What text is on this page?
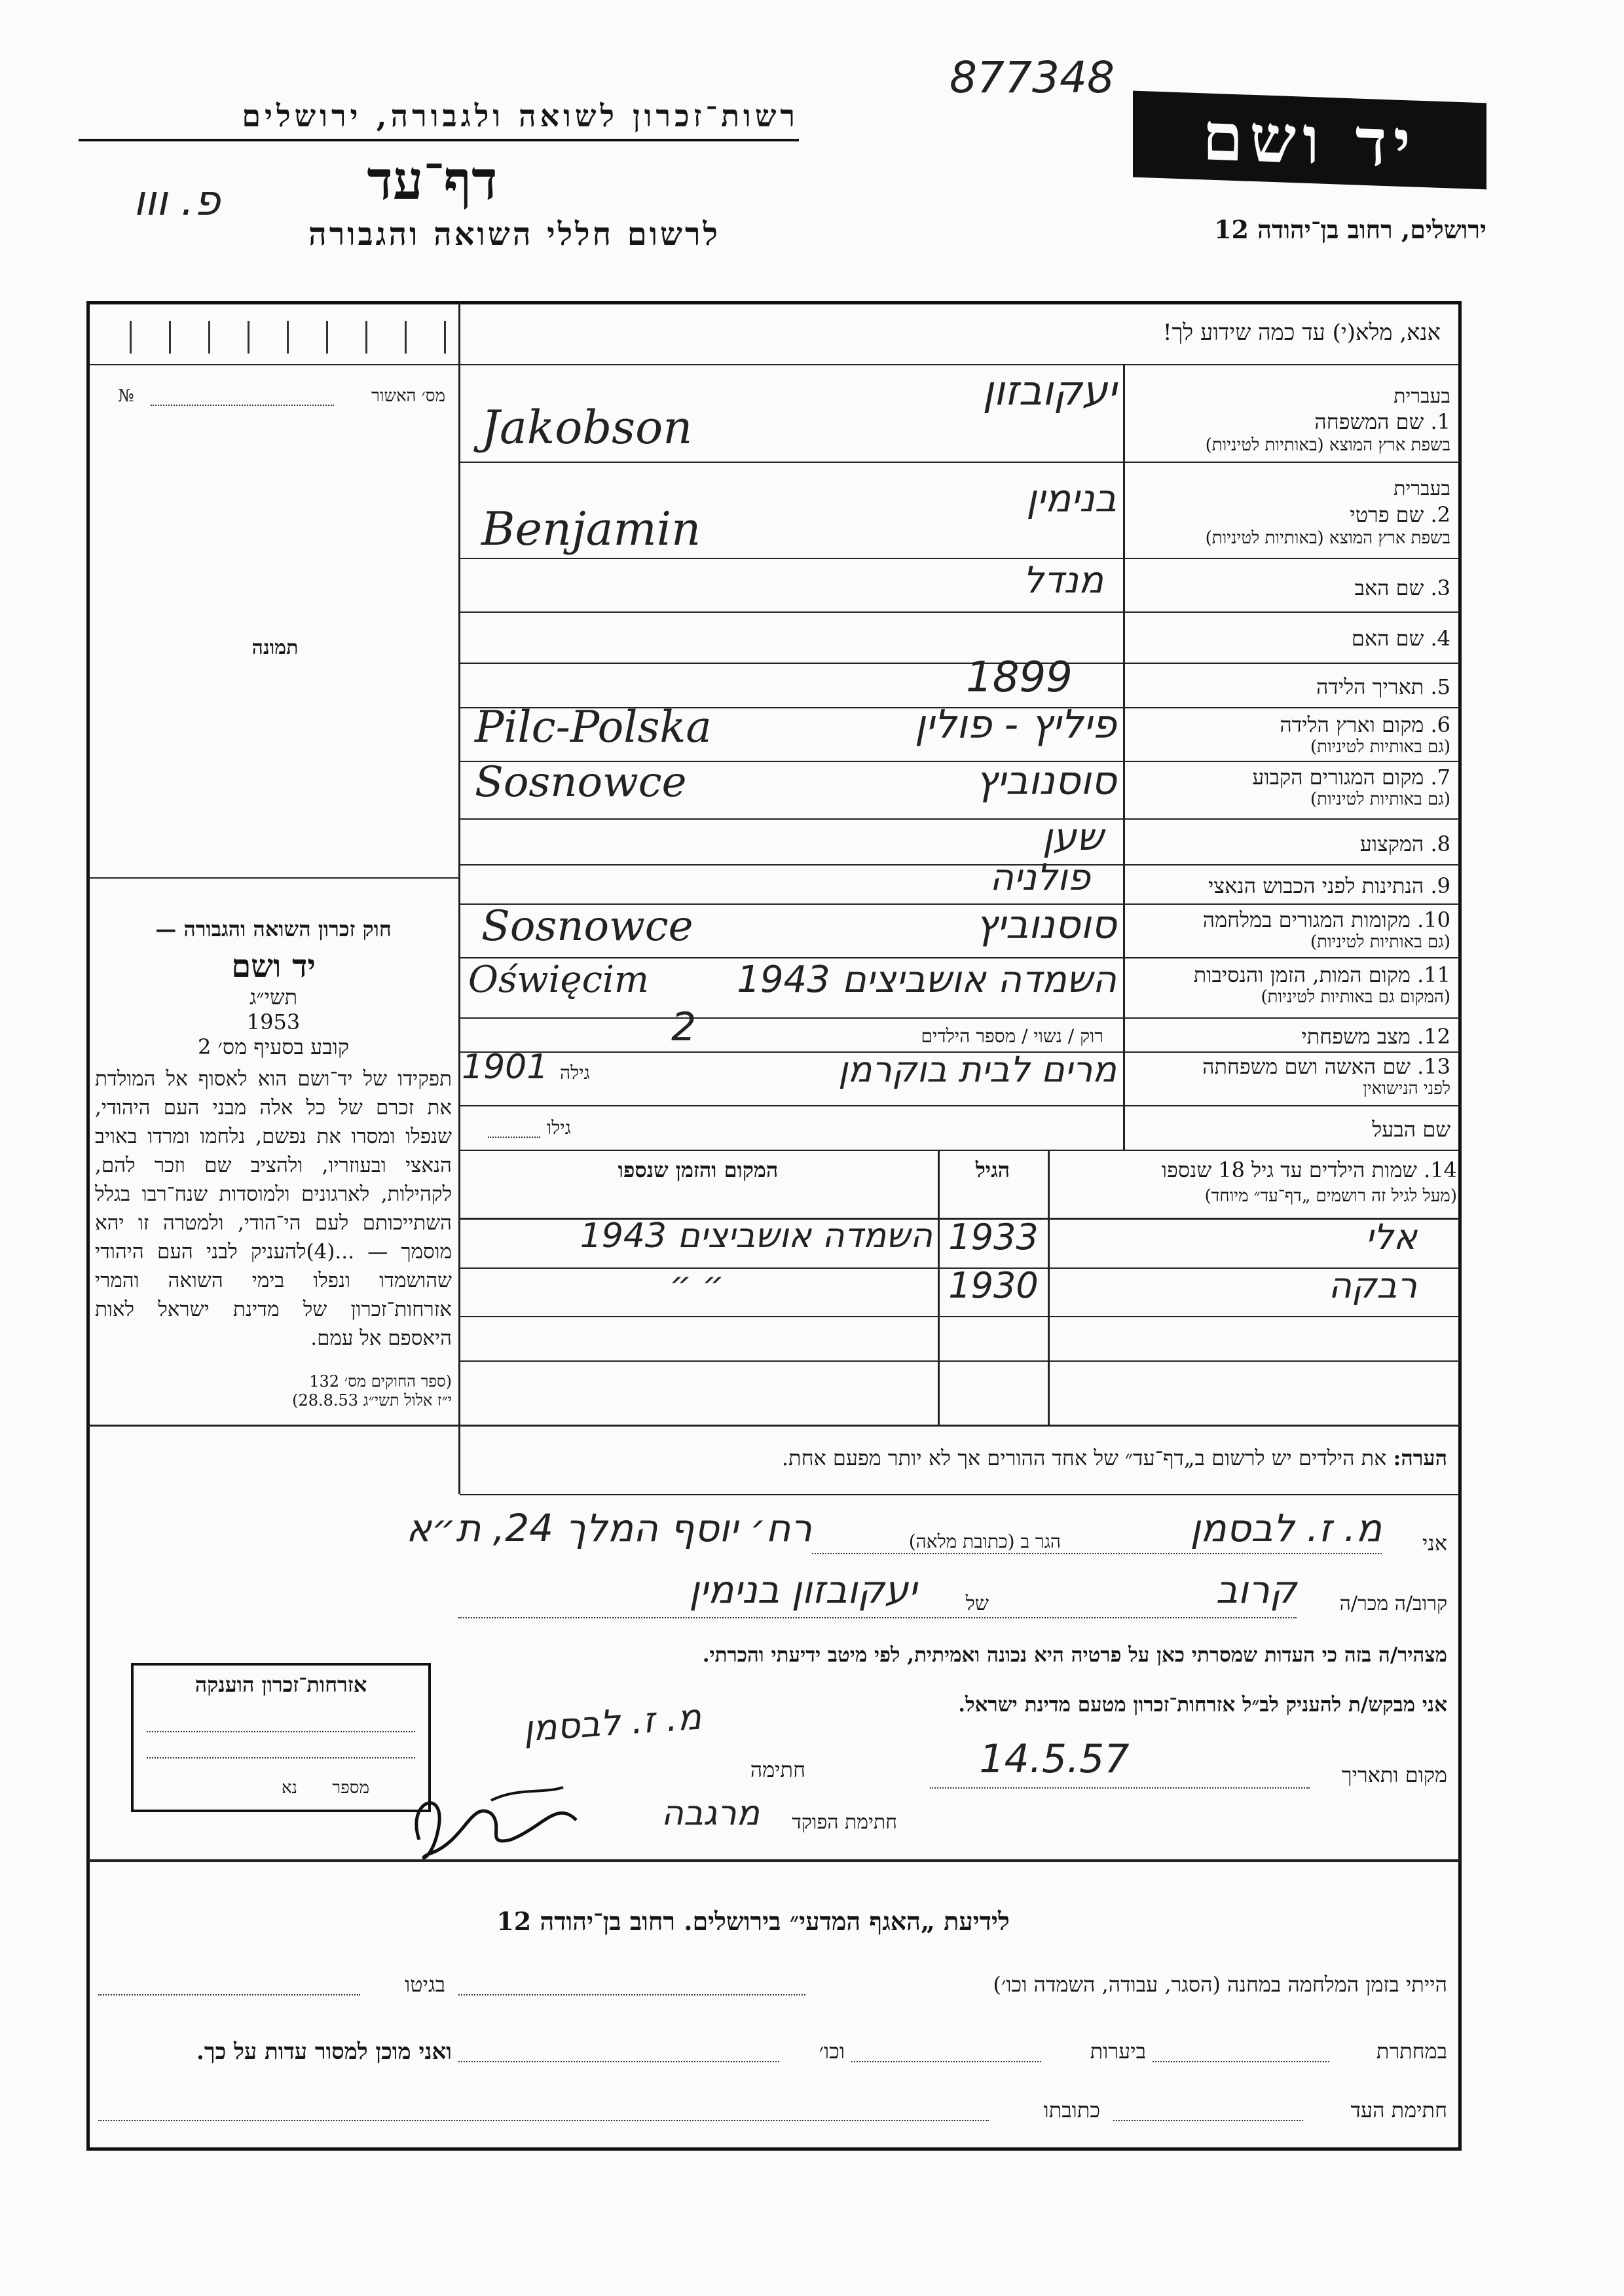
רשות־זכרון לשואה ולגבורה, ירושלים
דף־עד
פ. ווו
לרשום חללי השואה והגבורה
877348
יד ושם
ירושלים, רחוב בן־יהודה 12
אנא, מלא(י) עד כמה שידוע לך!
מס׳ האשור
№
תמונה
חוק זכרון השואה והגבורה —
יד ושם
תשי״ג
1953
קובע בסעיף מס׳ 2
תפקידו של יד־ושם הוא לאסוף אל המולדת את זכרם של כל אלה מבני העם היהודי, שנפלו ומסרו את נפשם, נלחמו ומרדו באויב הנאצי ובעוזריו, ולהציב שם וזכר להם, לקהילות, לארגונים ולמוסדות שנח־רבו בגלל השתייכותם לעם הי־הודי, ולמטרה זו יהא מוסמך — ...(4)להעניק לבני העם היהודי שהושמדו ונפלו בימי השואה והמרי אזרחות־זכרון של מדינת ישראל לאות היאספם אל עמם.
(ספר החוקים מס׳ 132
י״ז אלול תשי״ג 28.8.53)
בעברית
1. שם המשפחה
בשפת ארץ המוצא (באותיות לטיניות)
יעקובזון
Jakobson
בעברית
2. שם פרטי
בשפת ארץ המוצא (באותיות לטיניות)
בנימין
Benjamin
3. שם האב
מנדל
4. שם האם
5. תאריך הלידה
1899
6. מקום וארץ הלידה
(גם באותיות לטיניות)
פיליץ - פולין
Pilc-Polska
7. מקום המגורים הקבוע
(גם באותיות לטיניות)
סוסנוביץ
Sosnowce
8. המקצוע
שען
9. הנתינות לפני הכבוש הנאצי
פולניה
10. מקומות המגורים במלחמה
(גם באותיות לטיניות)
סוסנוביץ
Sosnowce
11. מקום המות, הזמן והנסיבות
(המקום גם באותיות לטיניות)
השמדה אושביצים 1943
Oświęcim
12. מצב משפחתי
רוק / נשוי / מספר הילדים
2
13. שם האשה ושם משפחתה
לפני הנישואין
מרים לבית בוקרמן
גילה
1901
שם הבעל
גילו
14. שמות הילדים עד גיל 18 שנספו
(מעל לגיל זה רושמים „דף־עד״ מיוחד)
הגיל
המקום והזמן שנספו
אלי
1933
השמדה אושביצים 1943
רבקה
1930
״ ״
הערה: את הילדים יש לרשום ב„דף־עד״ של אחד ההורים אך לא יותר מפעם אחת.
אני
מ. ז. לבסמן
הגר ב (כתובת מלאה)
רח׳ יוסף המלך 24, ת״א
קרוב/ה מכר/ה
קרוב
של
יעקובזון בנימין
מצהיר/ה בזה כי העדות שמסרתי כאן על פרטיה היא נכונה ואמיתית, לפי מיטב ידיעתי והכרתי.
אני מבקש/ת להעניק לב״ל אזרחות־זכרון מטעם מדינת ישראל.
מקום ותאריך
14.5.57
חתימה
מ. ז. לבסמן
חתימת הפוקד
מרגבה
אזרחות־זכרון הוענקה
מספר
נא
לידיעת „האגף המדעי״ בירושלים. רחוב בן־יהודה 12
הייתי בזמן המלחמה במחנה (הסגר, עבודה, השמדה וכו׳)
בגיטו
במחתרת
ביערות
וכו׳
ואני מוכן למסור עדות על כך.
חתימת העד
כתובתו
